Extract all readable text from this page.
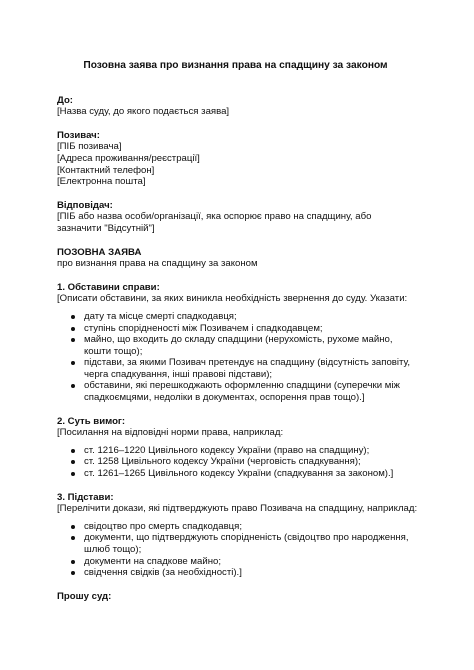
Позовна заява про визнання права на спадщину за законом
До:
[Назва суду, до якого подається заява]
Позивач:
[ПІБ позивача]
[Адреса проживання/реєстрації]
[Контактний телефон]
[Електронна пошта]
Відповідач:
[ПІБ або назва особи/організації, яка оспорює право на спадщину, або зазначити "Відсутній"]
ПОЗОВНА ЗАЯВА
про визнання права на спадщину за законом
1. Обставини справи:
[Описати обставини, за яких виникла необхідність звернення до суду. Указати:
дату та місце смерті спадкодавця;
ступінь спорідненості між Позивачем і спадкодавцем;
майно, що входить до складу спадщини (нерухомість, рухоме майно, кошти тощо);
підстави, за якими Позивач претендує на спадщину (відсутність заповіту, черга спадкування, інші правові підстави);
обставини, які перешкоджають оформленню спадщини (суперечки між спадкоємцями, недоліки в документах, оспорення прав тощо).]
2. Суть вимог:
[Посилання на відповідні норми права, наприклад:
ст. 1216–1220 Цивільного кодексу України (право на спадщину);
ст. 1258 Цивільного кодексу України (черговість спадкування);
ст. 1261–1265 Цивільного кодексу України (спадкування за законом).]
3. Підстави:
[Перелічити докази, які підтверджують право Позивача на спадщину, наприклад:
свідоцтво про смерть спадкодавця;
документи, що підтверджують спорідненість (свідоцтво про народження, шлюб тощо);
документи на спадкове майно;
свідчення свідків (за необхідності).]
Прошу суд:
